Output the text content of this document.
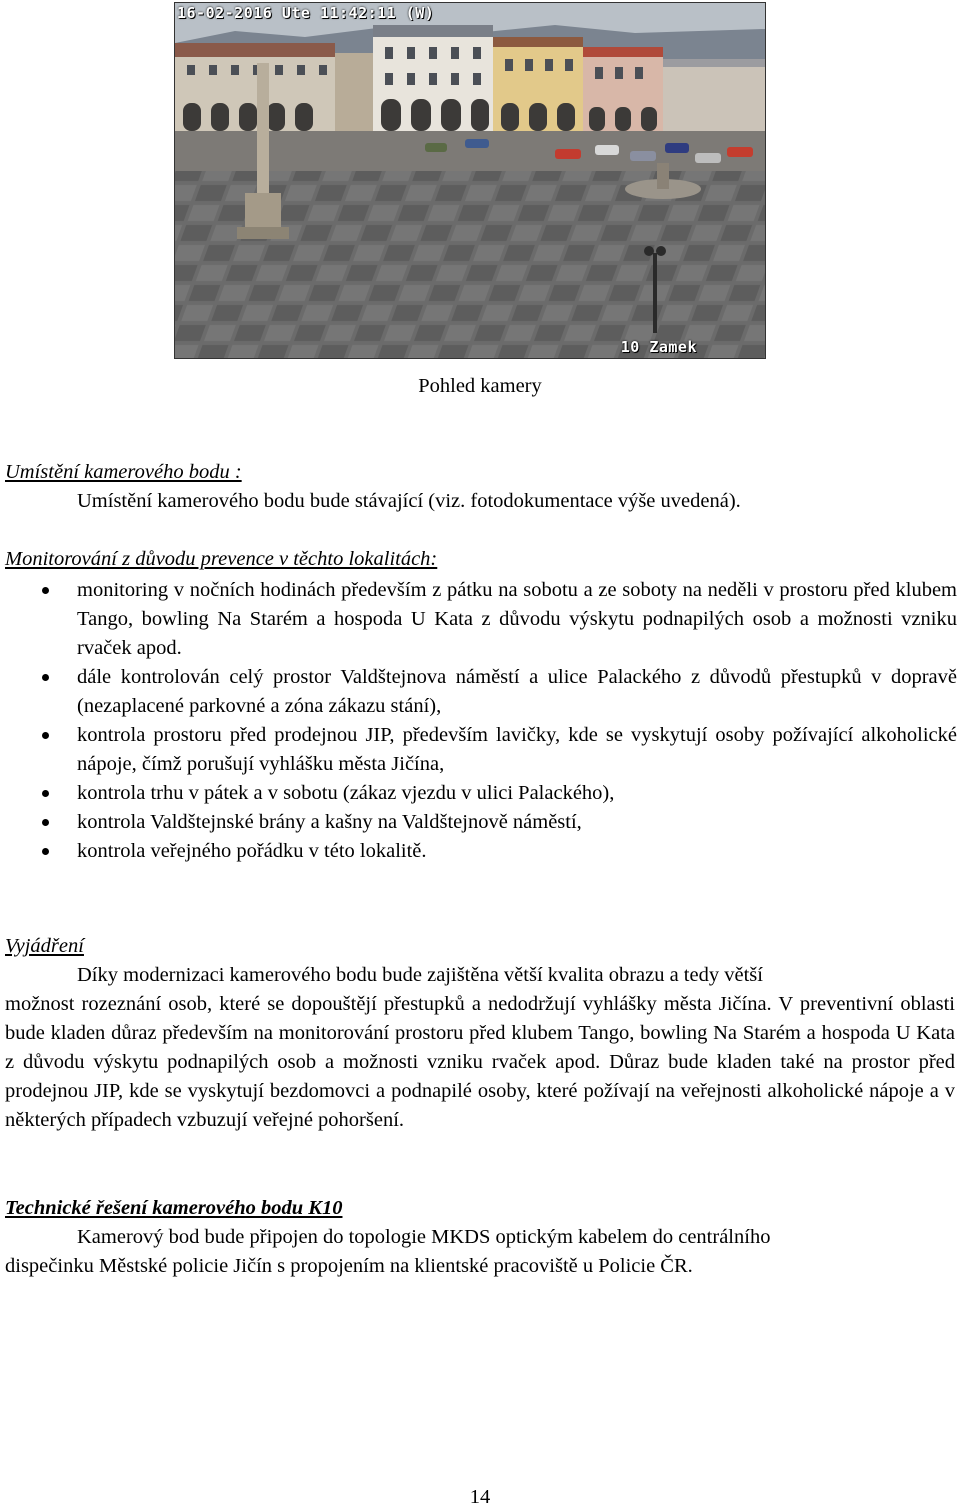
16-02-2016 Ute 11:42:11 (W)
10 Zamek
Pohled kamery
Umístění kamerového bodu :
Umístění kamerového bodu bude stávající (viz. fotodokumentace výše uvedená).
Monitorování z důvodu prevence v těchto lokalitách:
monitoring v nočních hodinách především z pátku na sobotu a ze soboty na neděli v prostoru před klubem Tango, bowling Na Starém a hospoda U Kata z důvodu výskytu podnapilých osob a možnosti vzniku rvaček apod.
dále kontrolován celý prostor Valdštejnova náměstí a ulice Palackého z důvodů přestupků v dopravě (nezaplacené parkovné a zóna zákazu stání),
kontrola prostoru před prodejnou JIP, především lavičky, kde se vyskytují osoby požívající alkoholické nápoje, čímž porušují vyhlášku města Jičína,
kontrola trhu v pátek a v sobotu (zákaz vjezdu v ulici Palackého),
kontrola Valdštejnské brány a kašny na Valdštejnově náměstí,
kontrola veřejného pořádku v této lokalitě.
Vyjádření
Díky modernizaci kamerového bodu bude zajištěna větší kvalita obrazu a tedy větší
možnost rozeznání osob, které se dopouštějí přestupků a nedodržují vyhlášky města Jičína. V preventivní oblasti bude kladen důraz především na monitorování prostoru před klubem Tango, bowling Na Starém a hospoda U Kata z důvodu výskytu podnapilých osob a možnosti vzniku rvaček apod. Důraz bude kladen také na prostor před prodejnou JIP, kde se vyskytují bezdomovci a podnapilé osoby, které požívají na veřejnosti alkoholické nápoje a v některých případech vzbuzují veřejné pohoršení.
Technické řešení kamerového bodu K10
Kamerový bod bude připojen do topologie MKDS optickým kabelem do centrálního
dispečinku Městské policie Jičín s propojením na klientské pracoviště u Policie ČR.
14
